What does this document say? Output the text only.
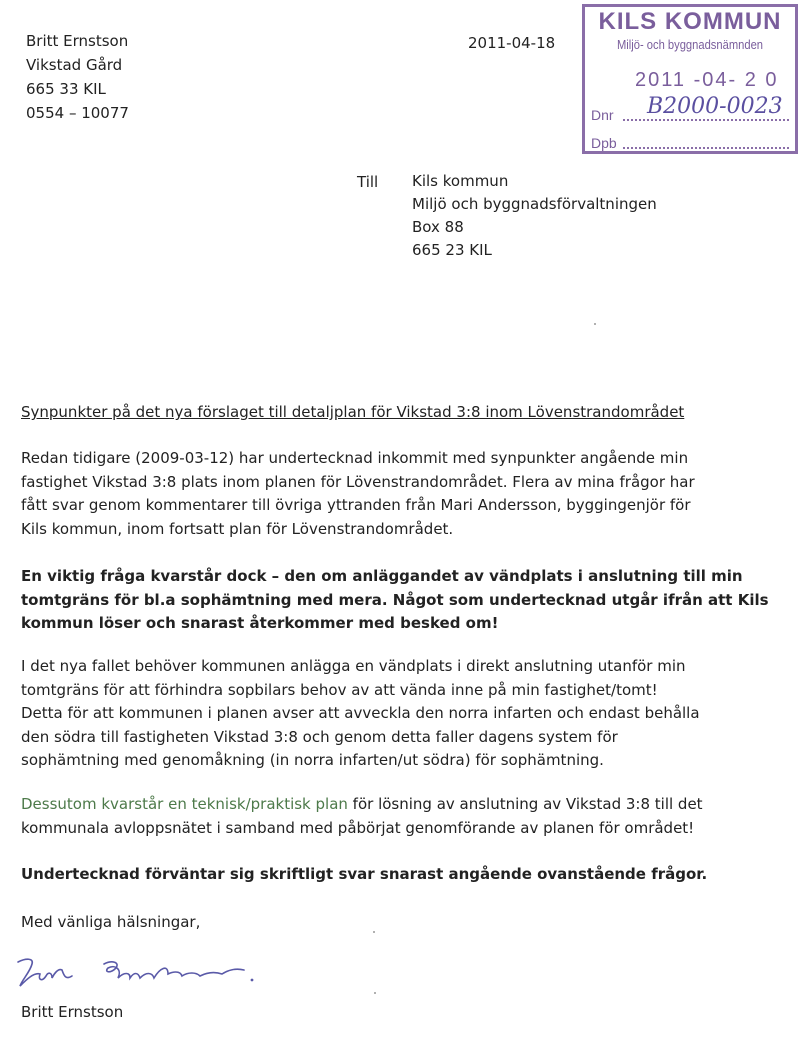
Britt Ernstson
Vikstad Gård
665 33 KIL
0554 – 10077
2011-04-18
KILS KOMMUN
Miljö- och byggnadsnämnden
2011 -04- 2 0
B2000-0023
Dnr
Dpb
Till Kils kommun
Miljö och byggnadsförvaltningen
Box 88
665 23 KIL
Synpunkter på det nya förslaget till detaljplan för Vikstad 3:8 inom Lövenstrandområdet
Redan tidigare (2009-03-12) har undertecknad inkommit med synpunkter angående min
fastighet Vikstad 3:8 plats inom planen för Lövenstrandområdet. Flera av mina frågor har
fått svar genom kommentarer till övriga yttranden från Mari Andersson, byggingenjör för
Kils kommun, inom fortsatt plan för Lövenstrandområdet.
En viktig fråga kvarstår dock – den om anläggandet av vändplats i anslutning till min
tomtgräns för bl.a sophämtning med mera. Något som undertecknad utgår ifrån att Kils
kommun löser och snarast återkommer med besked om!
I det nya fallet behöver kommunen anlägga en vändplats i direkt anslutning utanför min
tomtgräns för att förhindra sopbilars behov av att vända inne på min fastighet/tomt!
Detta för att kommunen i planen avser att avveckla den norra infarten och endast behålla
den södra till fastigheten Vikstad 3:8 och genom detta faller dagens system för
sophämtning med genomåkning (in norra infarten/ut södra) för sophämtning.
Dessutom kvarstår en teknisk/praktisk plan för lösning av anslutning av Vikstad 3:8 till det
kommunala avloppsnätet i samband med påbörjat genomförande av planen för området!
Undertecknad förväntar sig skriftligt svar snarast angående ovanstående frågor.
Med vänliga hälsningar,
Britt Ernstson
